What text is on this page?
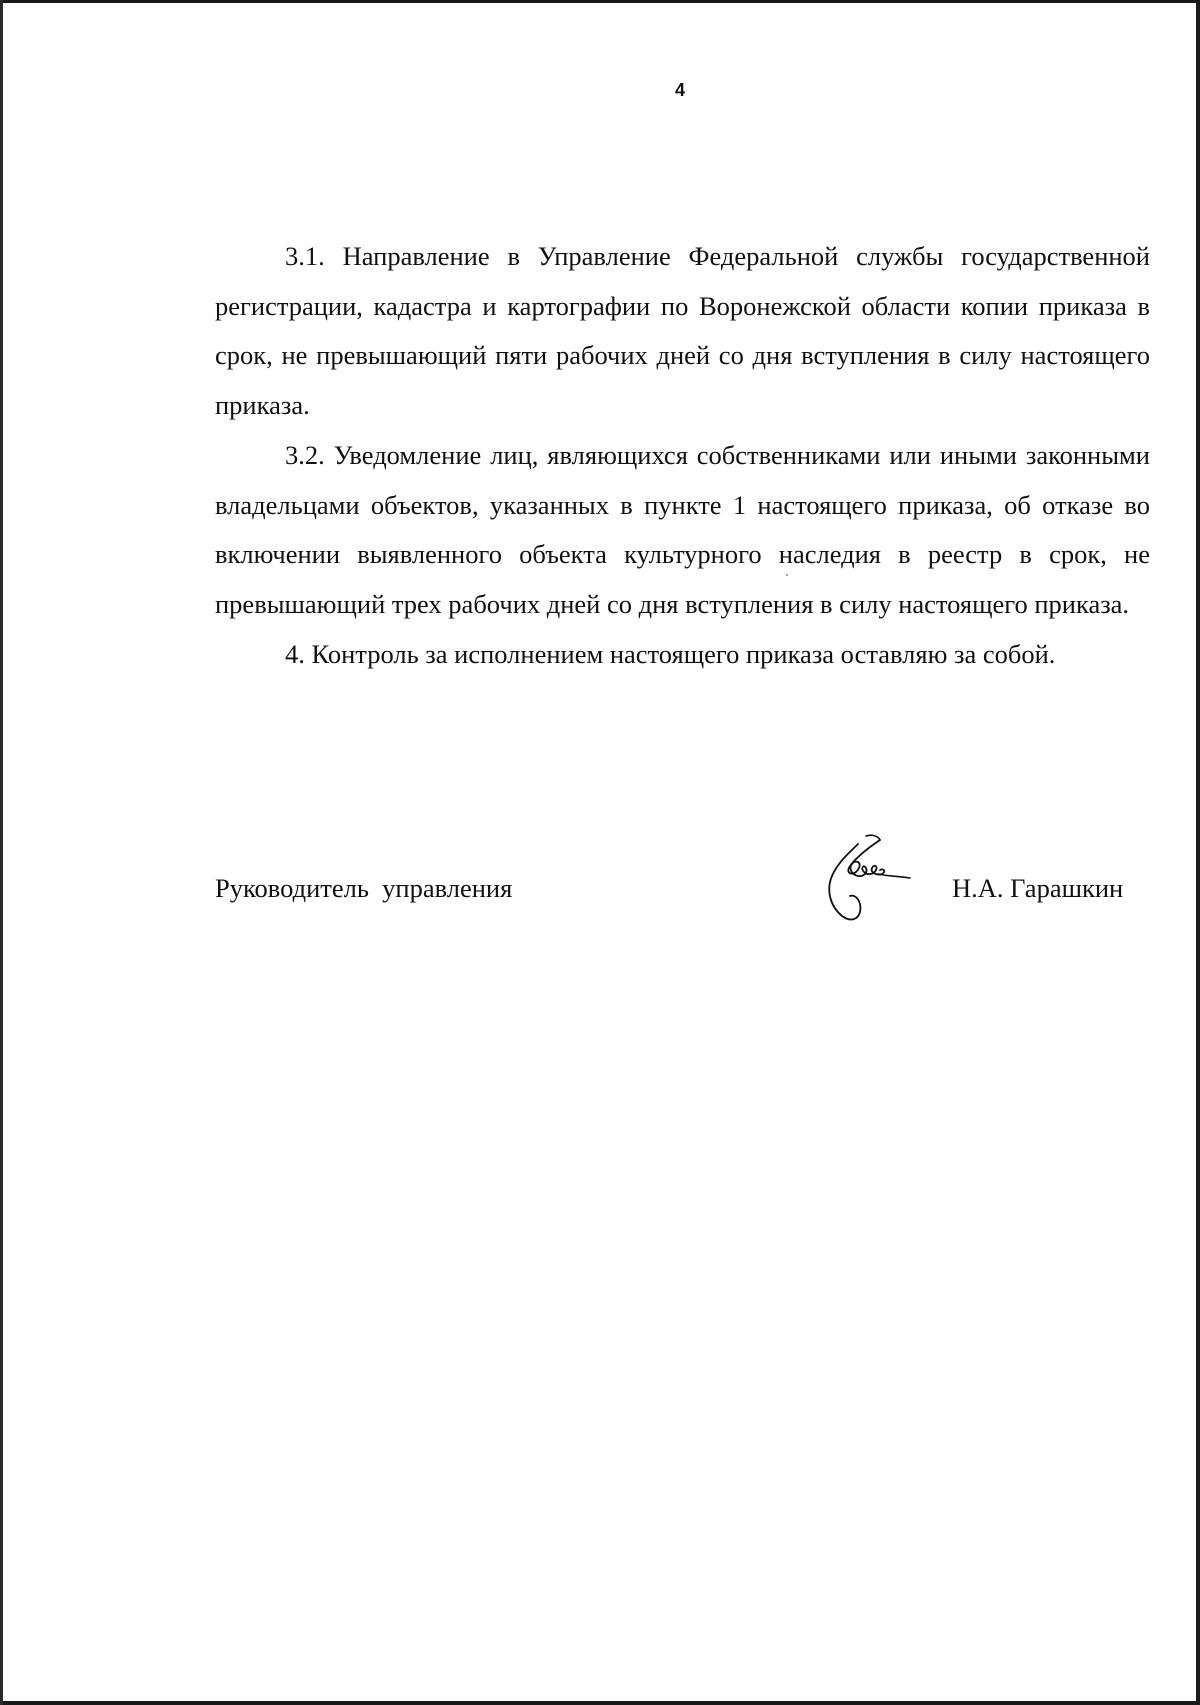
4

3.1. Направление в Управление Федеральной службы государственной регистрации, кадастра и картографии по Воронежской области копии приказа в срок, не превышающий пяти рабочих дней со дня вступления в силу настоящего приказа.

3.2. Уведомление лиц, являющихся собственниками или иными законными владельцами объектов, указанных в пункте 1 настоящего приказа, об отказе во включении выявленного объекта культурного наследия в реестр в срок, не превышающий трех рабочих дней со дня вступления в силу настоящего приказа.

4. Контроль за исполнением настоящего приказа оставляю за собой.

Руководитель  управления	Н.А. Гарашкин
